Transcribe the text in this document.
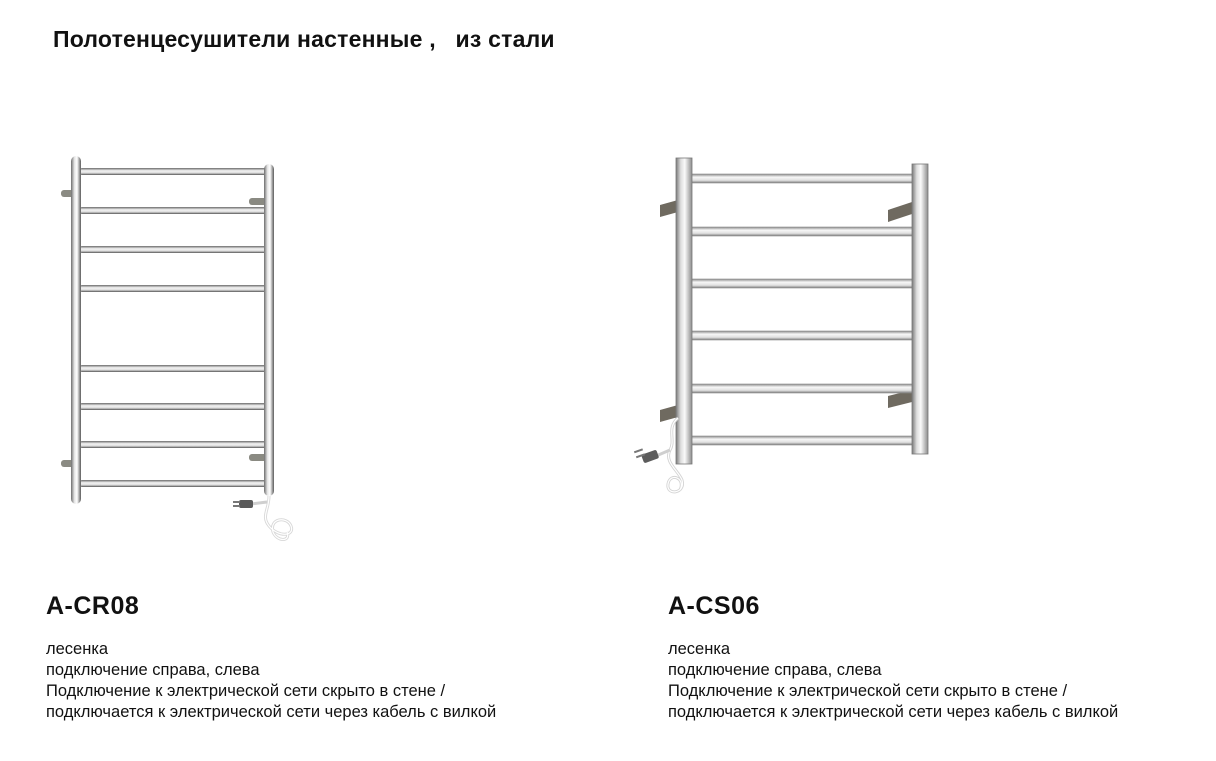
Полотенцесушители настенные ,   из стали
A-CR08
лесенка
подключение справа, слева
Подключение к электрической сети скрыто в стене /
подключается к электрической сети через кабель с вилкой
A-CS06
лесенка
подключение справа, слева
Подключение к электрической сети скрыто в стене /
подключается к электрической сети через кабель с вилкой
